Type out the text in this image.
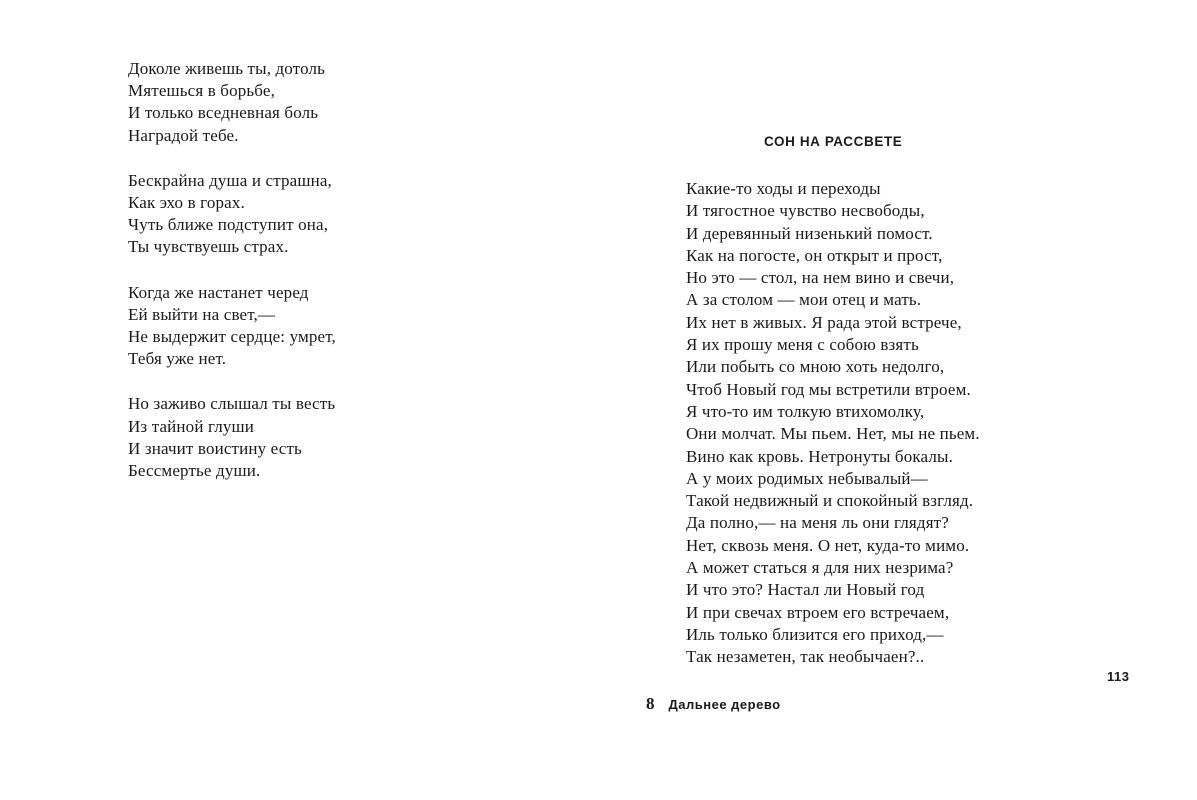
Доколе живешь ты, дотоль
Мятешься в борьбе,
И только вседневная боль
Наградой тебе.
Бескрайна душа и страшна,
Как эхо в горах.
Чуть ближе подступит она,
Ты чувствуешь страх.
Когда же настанет черед
Ей выйти на свет,—
Не выдержит сердце: умрет,
Тебя уже нет.
Но заживо слышал ты весть
Из тайной глуши
И значит воистину есть
Бессмертье души.
СОН НА РАССВЕТЕ
Какие-то ходы и переходы
И тягостное чувство несвободы,
И деревянный низенький помост.
Как на погосте, он открыт и прост,
Но это — стол, на нем вино и свечи,
А за столом — мои отец и мать.
Их нет в живых. Я рада этой встрече,
Я их прошу меня с собою взять
Или побыть со мною хоть недолго,
Чтоб Новый год мы встретили втроем.
Я что-то им толкую втихомолку,
Они молчат. Мы пьем. Нет, мы не пьем.
Вино как кровь. Нетронуты бокалы.
А у моих родимых небывалый—
Такой недвижный и спокойный взгляд.
Да полно,— на меня ль они глядят?
Нет, сквозь меня. О нет, куда-то мимо.
А может статься я для них незрима?
И что это? Настал ли Новый год
И при свечах втроем его встречаем,
Иль только близится его приход,—
Так незаметен, так необычаен?..
113
8 Дальнее дерево
